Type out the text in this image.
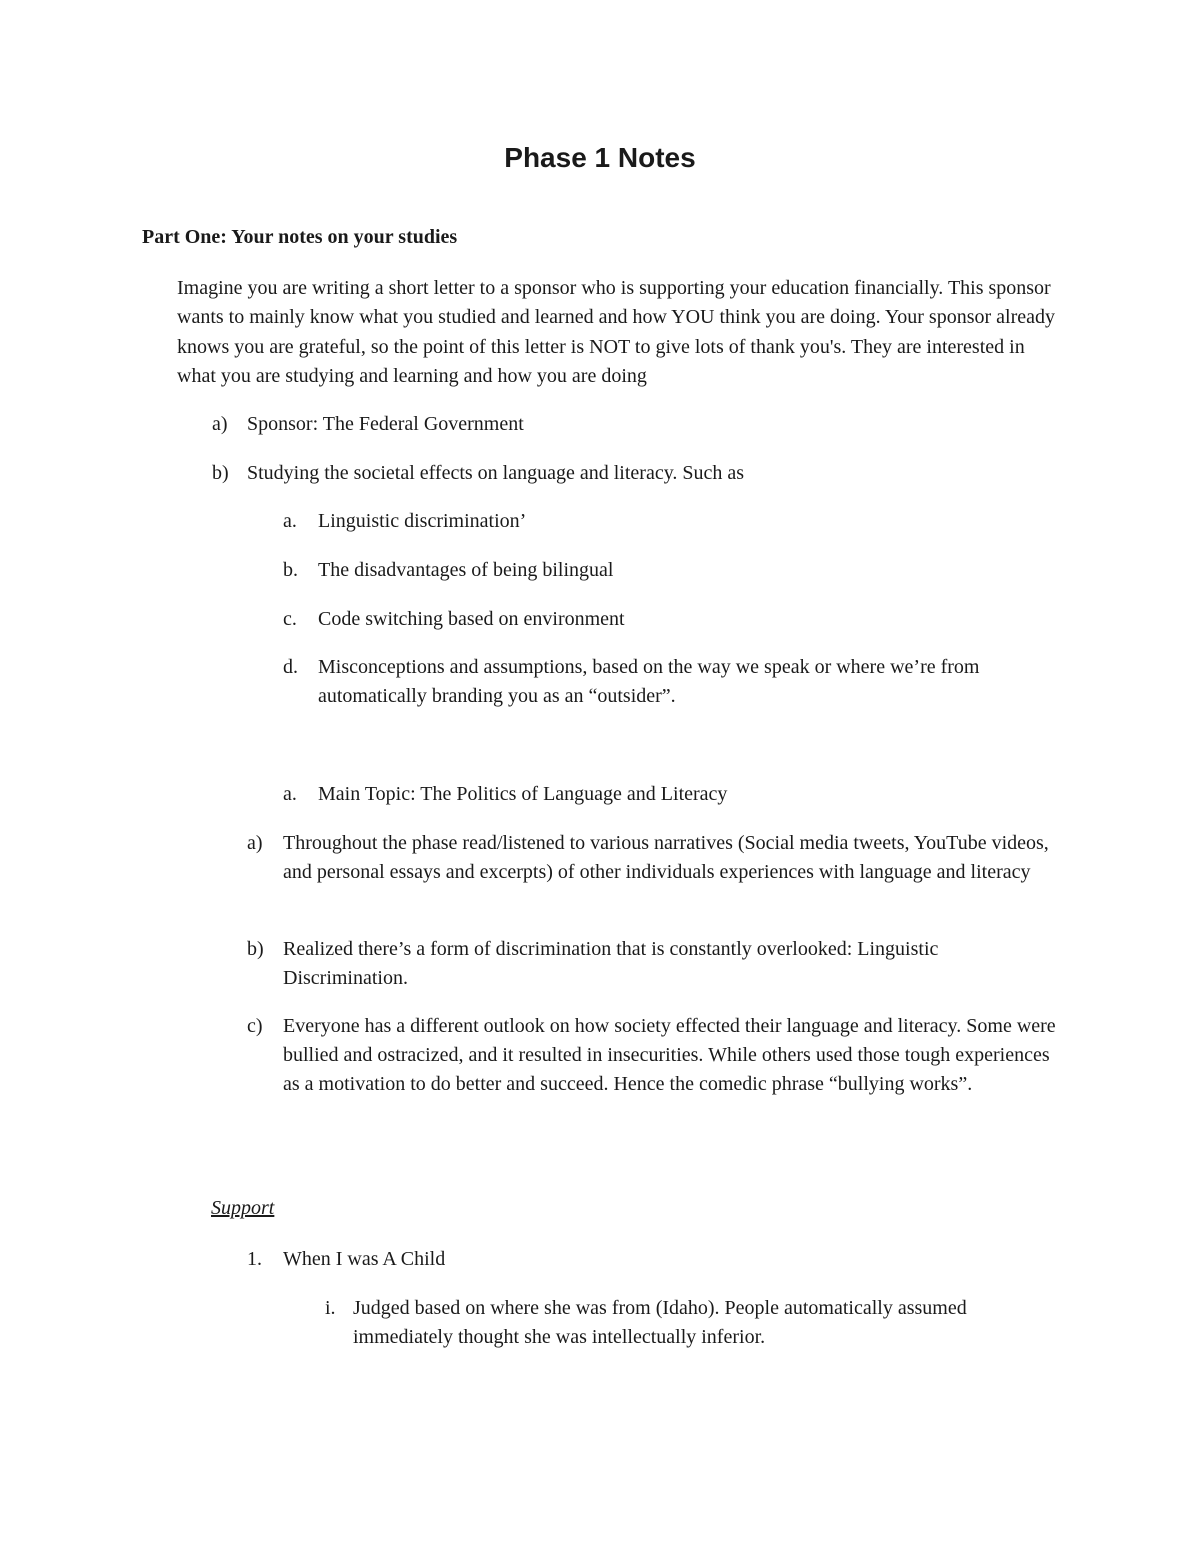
Phase 1 Notes
Part One: Your notes on your studies

Imagine you are writing a short letter to a sponsor who is supporting your education financially. This sponsor wants to mainly know what you studied and learned and how YOU think you are doing. Your sponsor already knows you are grateful, so the point of this letter is NOT to give lots of thank you's. They are interested in what you are studying and learning and how you are doing

a) Sponsor: The Federal Government
b) Studying the societal effects on language and literacy. Such as
a.	Linguistic discrimination’
b.	The disadvantages of being bilingual
c.	Code switching based on environment
d.	Misconceptions and assumptions, based on the way we speak or where we’re from automatically branding you as an “outsider”.
a.	Main Topic: The Politics of Language and Literacy
a)	Throughout the phase read/listened to various narratives (Social media tweets, YouTube videos, and personal essays and excerpts) of other individuals experiences with language and literacy
b) Realized there’s a form of discrimination that is constantly overlooked: Linguistic Discrimination.
c)	Everyone has a different outlook on how society effected their language and literacy. Some were bullied and ostracized, and it resulted in insecurities. While others used those tough experiences as a motivation to do better and succeed. Hence the comedic phrase “bullying works”.
Support
1.	When I was A Child
i. Judged based on where she was from (Idaho). People automatically assumed immediately thought she was intellectually inferior.
